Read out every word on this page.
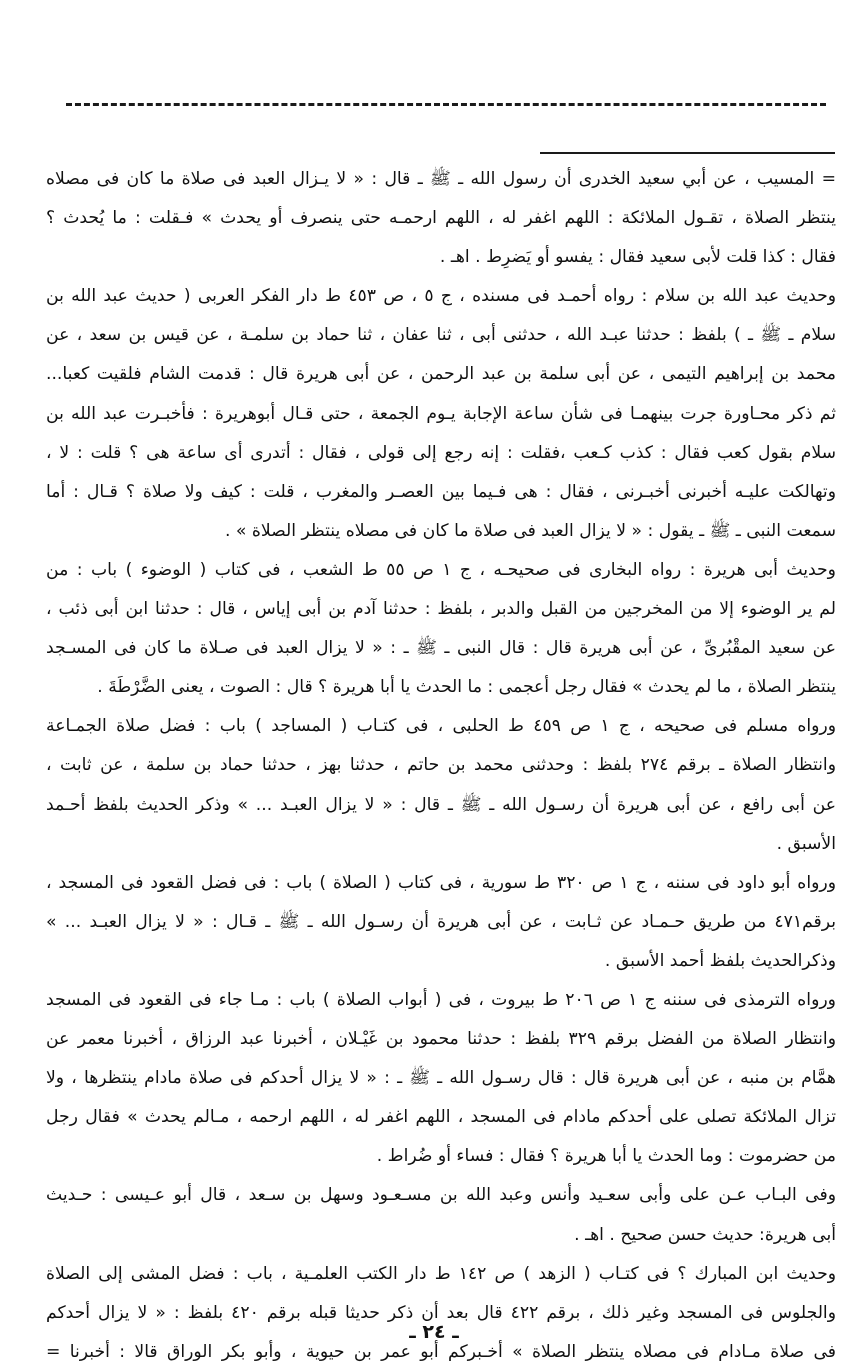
= المسيب ، عن أبي سعيد الخدرى أن رسول الله ـ ﷺ ـ قال : « لا يـزال العبد فى صلاة ما كان فى مصلاه
ينتظر الصلاة ، تقـول الملائكة : اللهم اغفر له ، اللهم ارحمـه حتى ينصرف أو يحدث » فـقلت : ما يُحدث ؟
فقال : كذا قلت لأبى سعيد فقال : يفسو أو يَضرِط . اهـ .
وحديث عبد الله بن سلام : رواه أحمـد فى مسنده ، ج ٥ ، ص ٤٥٣ ط دار الفكر العربى ( حديث عبد الله بن
سلام ـ ﷺ ـ ) بلفظ : حدثنا عبـد الله ، حدثنى أبى ، ثنا عفان ، ثنا حماد بن سلمـة ، عن قيس بن سعد ، عن
محمد بن إبراهيم التيمى ، عن أبى سلمة بن عبد الرحمن ، عن أبى هريرة قال : قدمت الشام فلقيت كعبا...
ثم ذكر محـاورة جرت بينهمـا فى شأن ساعة الإجابة يـوم الجمعة ، حتى قـال أبوهريرة : فأخبـرت عبد الله بن
سلام بقول كعب فقال : كذب كـعب ،فقلت : إنه رجع إلى قولى ، فقال : أتدرى أى ساعة هى ؟ قلت : لا ،
وتهالكت عليـه أخبرنى أخبـرنى ، فقال : هى فـيما بين العصـر والمغرب ، قلت : كيف ولا صلاة ؟ قـال : أما
سمعت النبى ـ ﷺ ـ يقول : « لا يزال العبد فى صلاة ما كان فى مصلاه ينتظر الصلاة » .
وحديث أبى هريرة : رواه البخارى فى صحيحـه ، ج ١ ص ٥٥ ط الشعب ، فى كتاب ( الوضوء ) باب : من
لم ير الوضوء إلا من المخرجين من القبل والدبر ، بلفظ : حدثنا آدم بن أبى إياس ، قال : حدثنا ابن أبى ذئب ،
عن سعيد المقْبُرىِّ ، عن أبى هريرة قال : قال النبى ـ ﷺ ـ : « لا يزال العبد فى صـلاة ما كان فى المسـجد
ينتظر الصلاة ، ما لم يحدث » فقال رجل أعجمى : ما الحدث يا أبا هريرة ؟ قال : الصوت ، يعنى الضَّرْطَةَ .
ورواه مسلم فى صحيحه ، ج ١ ص ٤٥٩ ط الحلبى ، فى كتـاب ( المساجد ) باب : فضل صلاة الجمـاعة
وانتظار الصلاة ـ برقم ٢٧٤ بلفظ : وحدثنى محمد بن حاتم ، حدثنا بهز ، حدثنا حماد بن سلمة ، عن ثابت ،
عن أبى رافع ، عن أبى هريرة أن رسـول الله ـ ﷺ ـ قال : « لا يزال العبـد ... » وذكر الحديث بلفظ أحـمد
الأسبق .
ورواه أبو داود فى سننه ، ج ١ ص ٣٢٠ ط سورية ، فى كتاب ( الصلاة ) باب : فى فضل القعود فى المسجد ،
برقم٤٧١ من طريق حـمـاد عن ثـابت ، عن أبى هريرة أن رسـول الله ـ ﷺ ـ قـال : « لا يزال العبـد ... »
وذكرالحديث بلفظ أحمد الأسبق .
ورواه الترمذى فى سننه ج ١ ص ٢٠٦ ط بيروت ، فى ( أبواب الصلاة ) باب : مـا جاء فى القعود فى المسجد
وانتظار الصلاة من الفضل برقم ٣٢٩ بلفظ : حدثنا محمود بن غَيْـلان ، أخبرنا عبد الرزاق ، أخبرنا معمر عن
همَّام بن منبه ، عن أبى هريرة قال : قال رسـول الله ـ ﷺ ـ : « لا يزال أحدكم فى صلاة مادام ينتظرها ، ولا
تزال الملائكة تصلى على أحدكم مادام فى المسجد ، اللهم اغفر له ، اللهم ارحمه ، مـالم يحدث » فقال رجل
من حضرموت : وما الحدث يا أبا هريرة ؟ فقال : فساء أو ضُراط .
وفى البـاب عـن على وأبى سعـيد وأنس وعبد الله بن مسـعـود وسهل بن سـعد ، قال أبو عـيسى : حـديث
أبى هريرة: حديث حسن صحيح . اهـ .
وحديث ابن المبارك ؟ فى كتـاب ( الزهد ) ص ١٤٢ ط دار الكتب العلمـية ، باب : فضل المشى إلى الصلاة
والجلوس فى المسجد وغير ذلك ، برقم ٤٢٢ قال بعد أن ذكر حديثا قبله برقم ٤٢٠ بلفظ : « لا يزال أحدكم
فى صلاة مـادام فى مصلاه ينتظر الصلاة » أخـبركم أبو عمر بن حيوية ، وأبو بكر الوراق قالا : أخبرنا =
ـ ٢٤ ـ
